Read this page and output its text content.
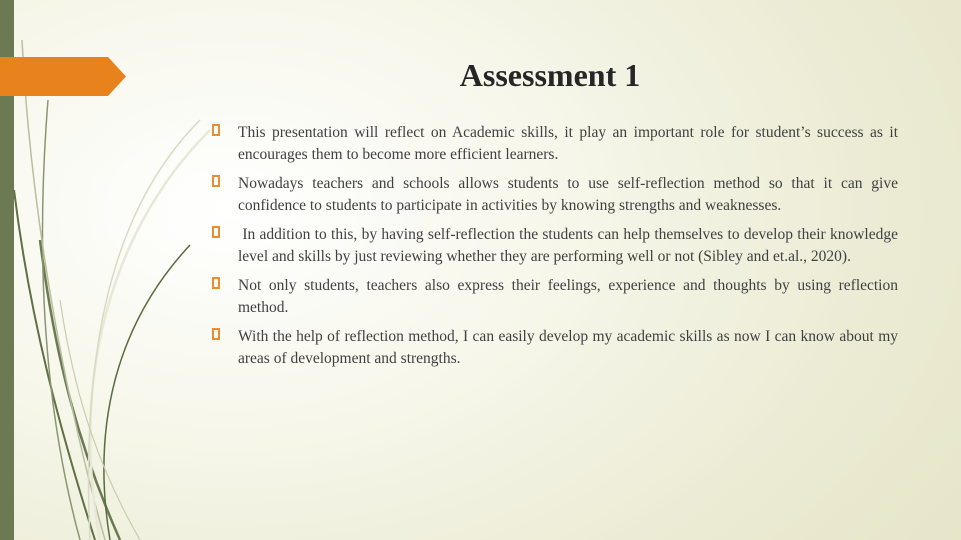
Assessment 1
This presentation will reflect on Academic skills, it play an important role for student’s success as it encourages them to become more efficient learners.
Nowadays teachers and schools allows students to use self-reflection method so that it can give confidence to students to participate in activities by knowing strengths and weaknesses.
In addition to this, by having self-reflection the students can help themselves to develop their knowledge level and skills by just reviewing whether they are performing well or not (Sibley and et.al., 2020).
Not only students, teachers also express their feelings, experience and thoughts by using reflection method.
With the help of reflection method, I can easily develop my academic skills as now I can know about my areas of development and strengths.
